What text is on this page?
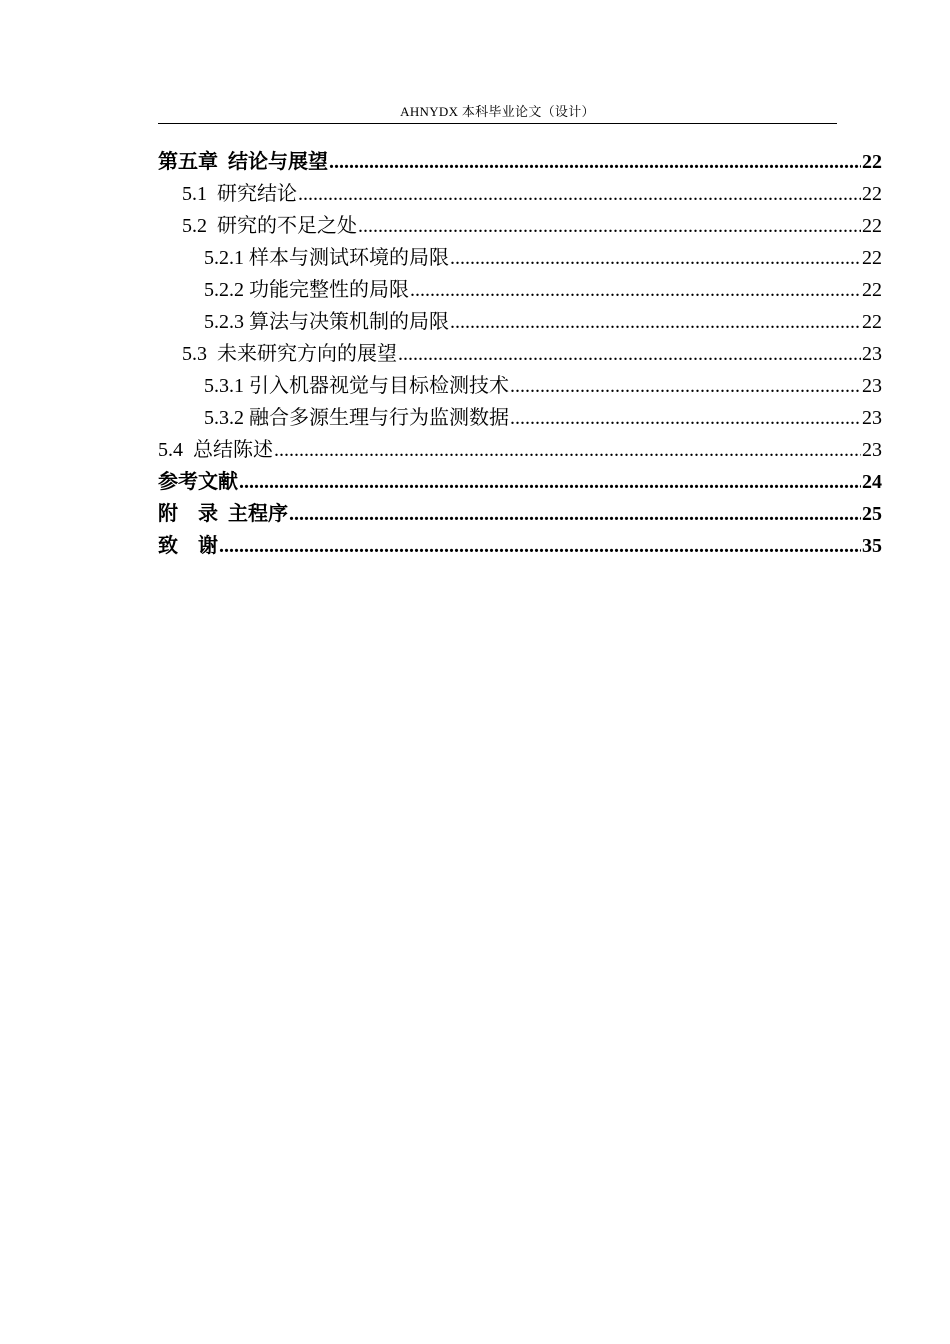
AHNYDX 本科毕业论文（设计）
第五章  结论与展望 .....	22
5.1  研究结论 .....	22
5.2  研究的不足之处 .....	22
5.2.1 样本与测试环境的局限 .....	22
5.2.2 功能完整性的局限 .....	22
5.2.3 算法与决策机制的局限 .....	22
5.3  未来研究方向的展望 .....	23
5.3.1 引入机器视觉与目标检测技术 .....	23
5.3.2 融合多源生理与行为监测数据 .....	23
5.4  总结陈述 .....	23
参考文献 .....	24
附    录  主程序 .....	25
致    谢 .....	35
